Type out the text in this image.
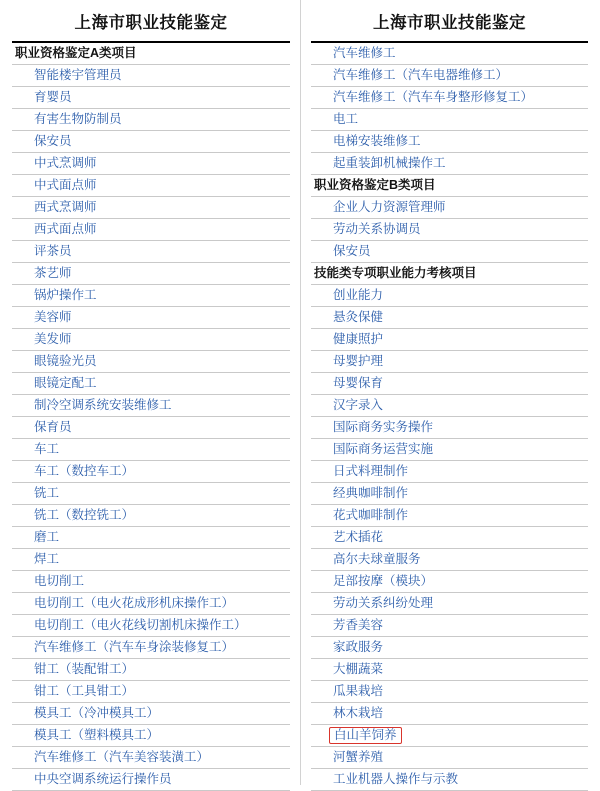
上海市职业技能鉴定
职业资格鉴定A类项目
智能楼宇管理员
育婴员
有害生物防制员
保安员
中式烹调师
中式面点师
西式烹调师
西式面点师
评茶员
茶艺师
锅炉操作工
美容师
美发师
眼镜验光员
眼镜定配工
制冷空调系统安装维修工
保育员
车工
车工（数控车工）
铣工
铣工（数控铣工）
磨工
焊工
电切削工
电切削工（电火花成形机床操作工）
电切削工（电火花线切割机床操作工）
汽车维修工（汽车车身涂装修复工）
钳工（装配钳工）
钳工（工具钳工）
模具工（冷冲模具工）
模具工（塑料模具工）
汽车维修工（汽车美容装潢工）
中央空调系统运行操作员
上海市职业技能鉴定
汽车维修工
汽车维修工（汽车电器维修工）
汽车维修工（汽车车身整形修复工）
电工
电梯安装维修工
起重装卸机械操作工
职业资格鉴定B类项目
企业人力资源管理师
劳动关系协调员
保安员
技能类专项职业能力考核项目
创业能力
悬灸保健
健康照护
母婴护理
母婴保育
汉字录入
国际商务实务操作
国际商务运营实施
日式料理制作
经典咖啡制作
花式咖啡制作
艺术插花
高尔夫球童服务
足部按摩（模块）
劳动关系纠纷处理
芳香美容
家政服务
大棚蔬菜
瓜果栽培
林木栽培
白山羊饲养
河蟹养殖
工业机器人操作与示教
